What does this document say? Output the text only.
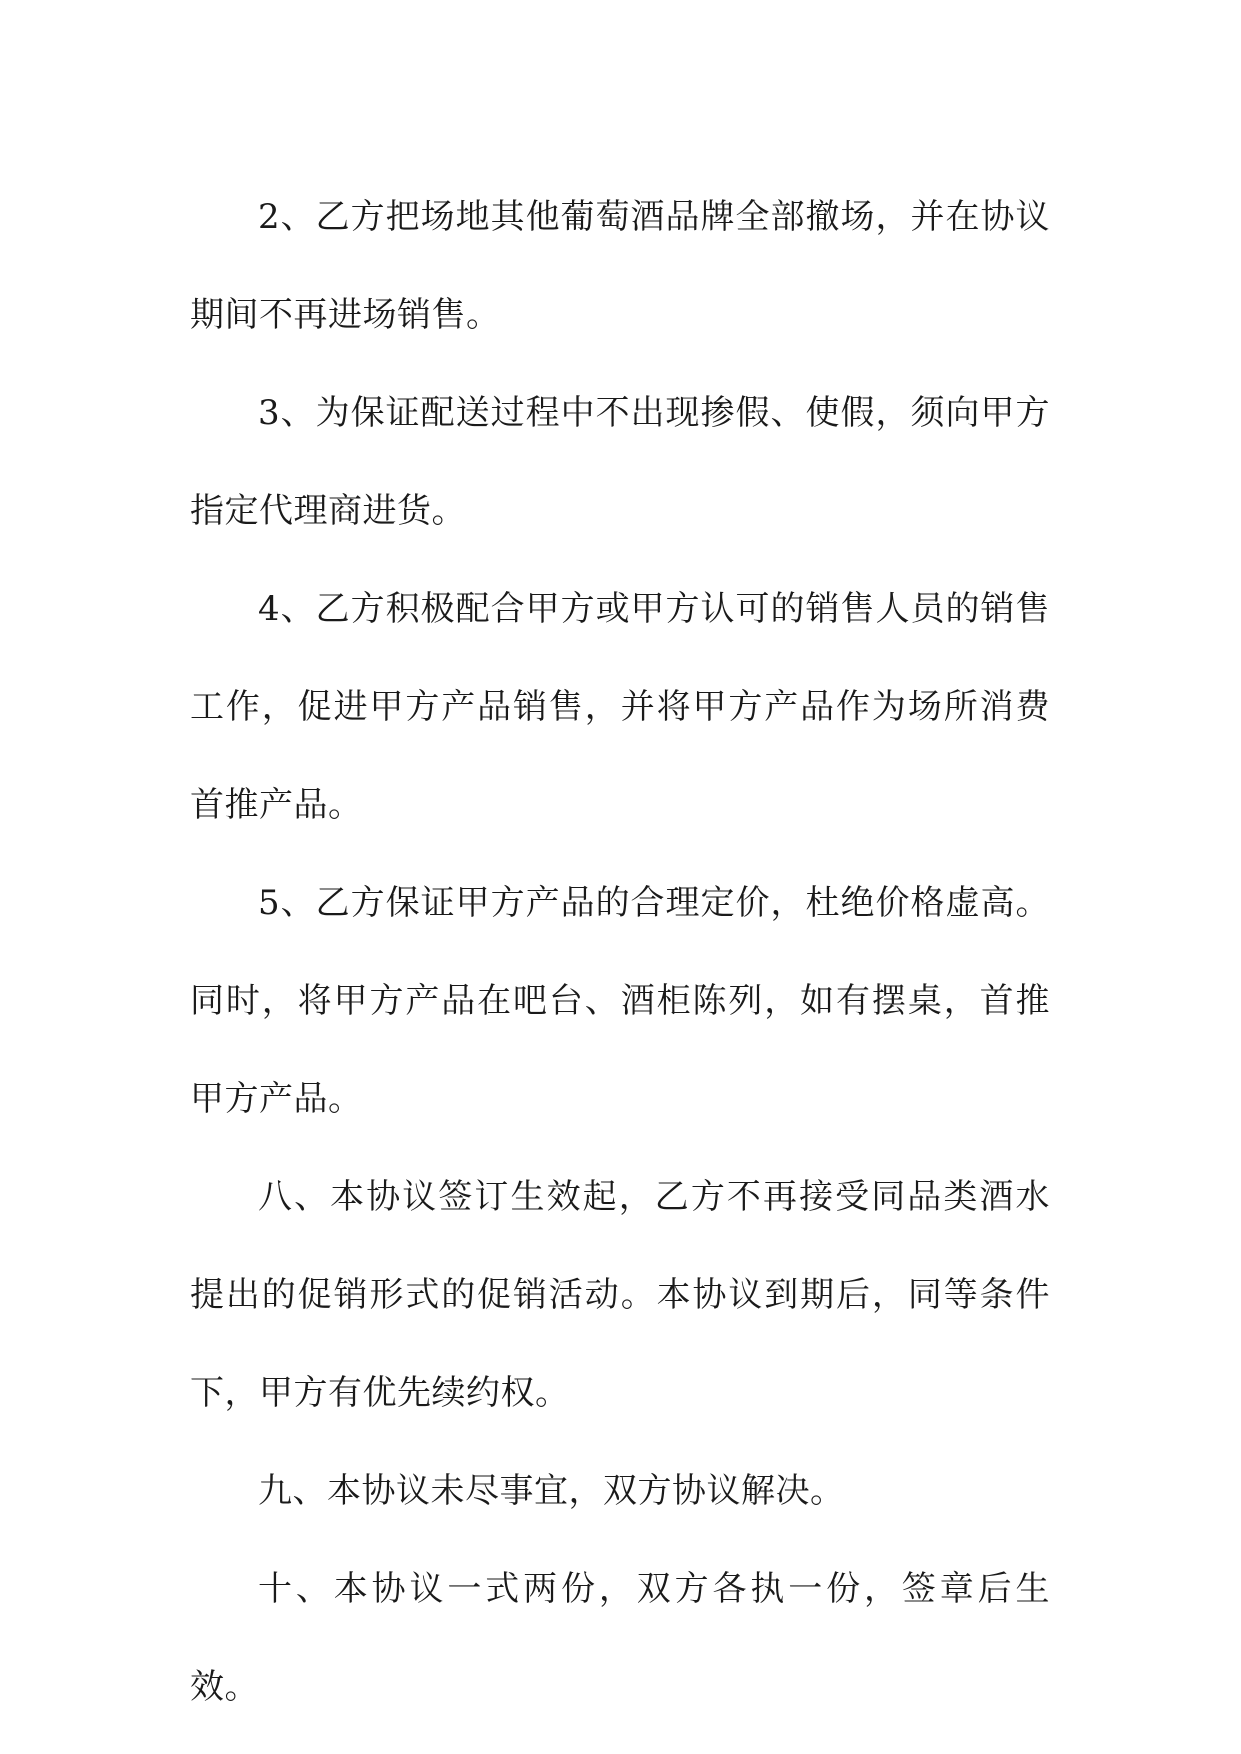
2、乙方把场地其他葡萄酒品牌全部撤场，并在协议期间不再进场销售。

3、为保证配送过程中不出现掺假、使假，须向甲方指定代理商进货。

4、乙方积极配合甲方或甲方认可的销售人员的销售工作，促进甲方产品销售，并将甲方产品作为场所消费首推产品。

5、乙方保证甲方产品的合理定价，杜绝价格虚高。同时，将甲方产品在吧台、酒柜陈列，如有摆桌，首推甲方产品。

八、本协议签订生效起，乙方不再接受同品类酒水提出的促销形式的促销活动。本协议到期后，同等条件下，甲方有优先续约权。

九、本协议未尽事宜，双方协议解决。

十、本协议一式两份，双方各执一份，签章后生效。
